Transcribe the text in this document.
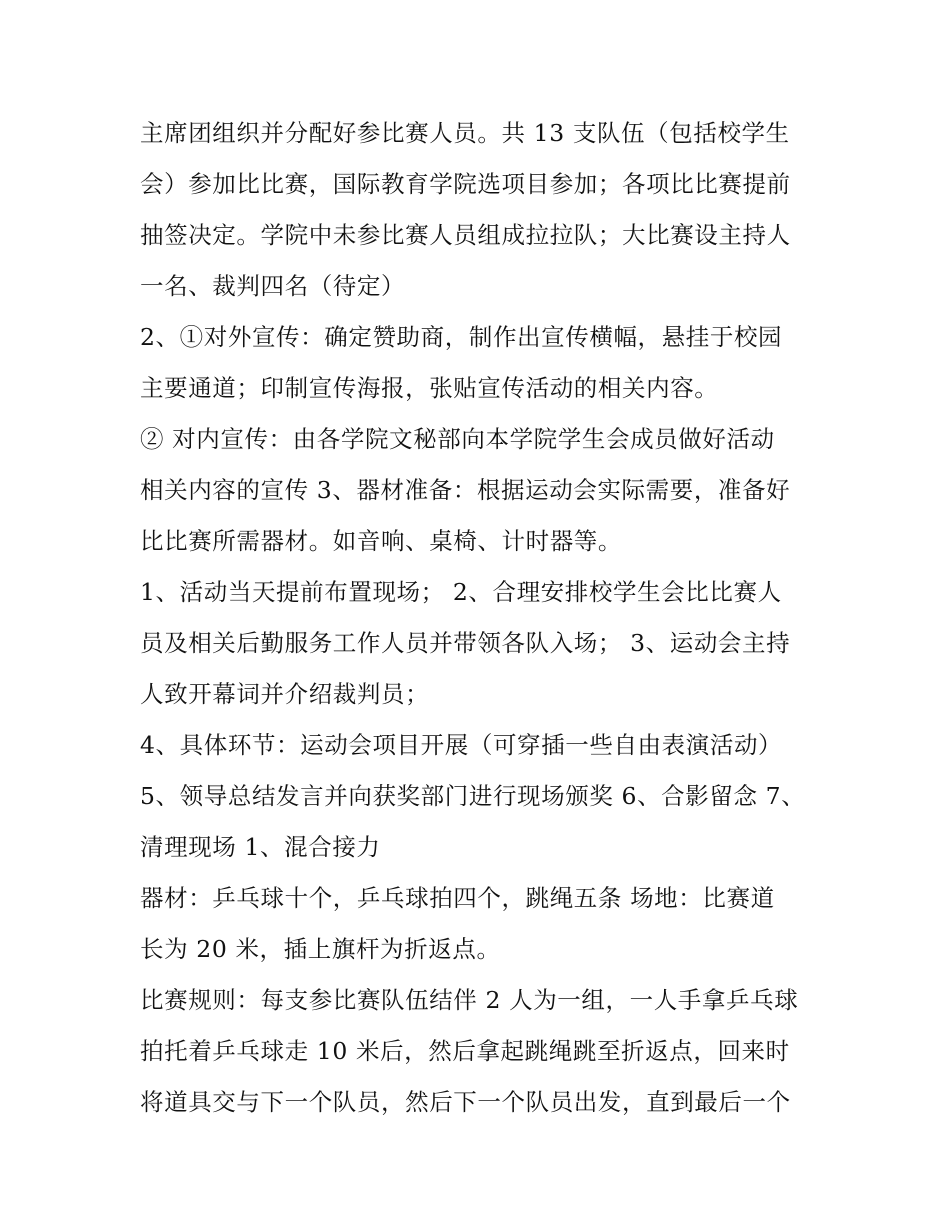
主席团组织并分配好参比赛人员。共 13 支队伍（包括校学生
会）参加比比赛，国际教育学院选项目参加；各项比比赛提前
抽签决定。学院中未参比赛人员组成拉拉队；大比赛设主持人
一名、裁判四名（待定）
2、①对外宣传：确定赞助商，制作出宣传横幅，悬挂于校园
主要通道；印制宣传海报，张贴宣传活动的相关内容。
② 对内宣传：由各学院文秘部向本学院学生会成员做好活动
相关内容的宣传 3、器材准备：根据运动会实际需要，准备好
比比赛所需器材。如音响、桌椅、计时器等。
1、活动当天提前布置现场； 2、合理安排校学生会比比赛人
员及相关后勤服务工作人员并带领各队入场； 3、运动会主持
人致开幕词并介绍裁判员；
4、具体环节：运动会项目开展（可穿插一些自由表演活动）
5、领导总结发言并向获奖部门进行现场颁奖 6、合影留念 7、
清理现场 1、混合接力
器材：乒乓球十个，乒乓球拍四个，跳绳五条 场地：比赛道
长为 20 米，插上旗杆为折返点。
比赛规则：每支参比赛队伍结伴 2 人为一组，一人手拿乒乓球
拍托着乒乓球走 10 米后，然后拿起跳绳跳至折返点，回来时
将道具交与下一个队员，然后下一个队员出发，直到最后一个
